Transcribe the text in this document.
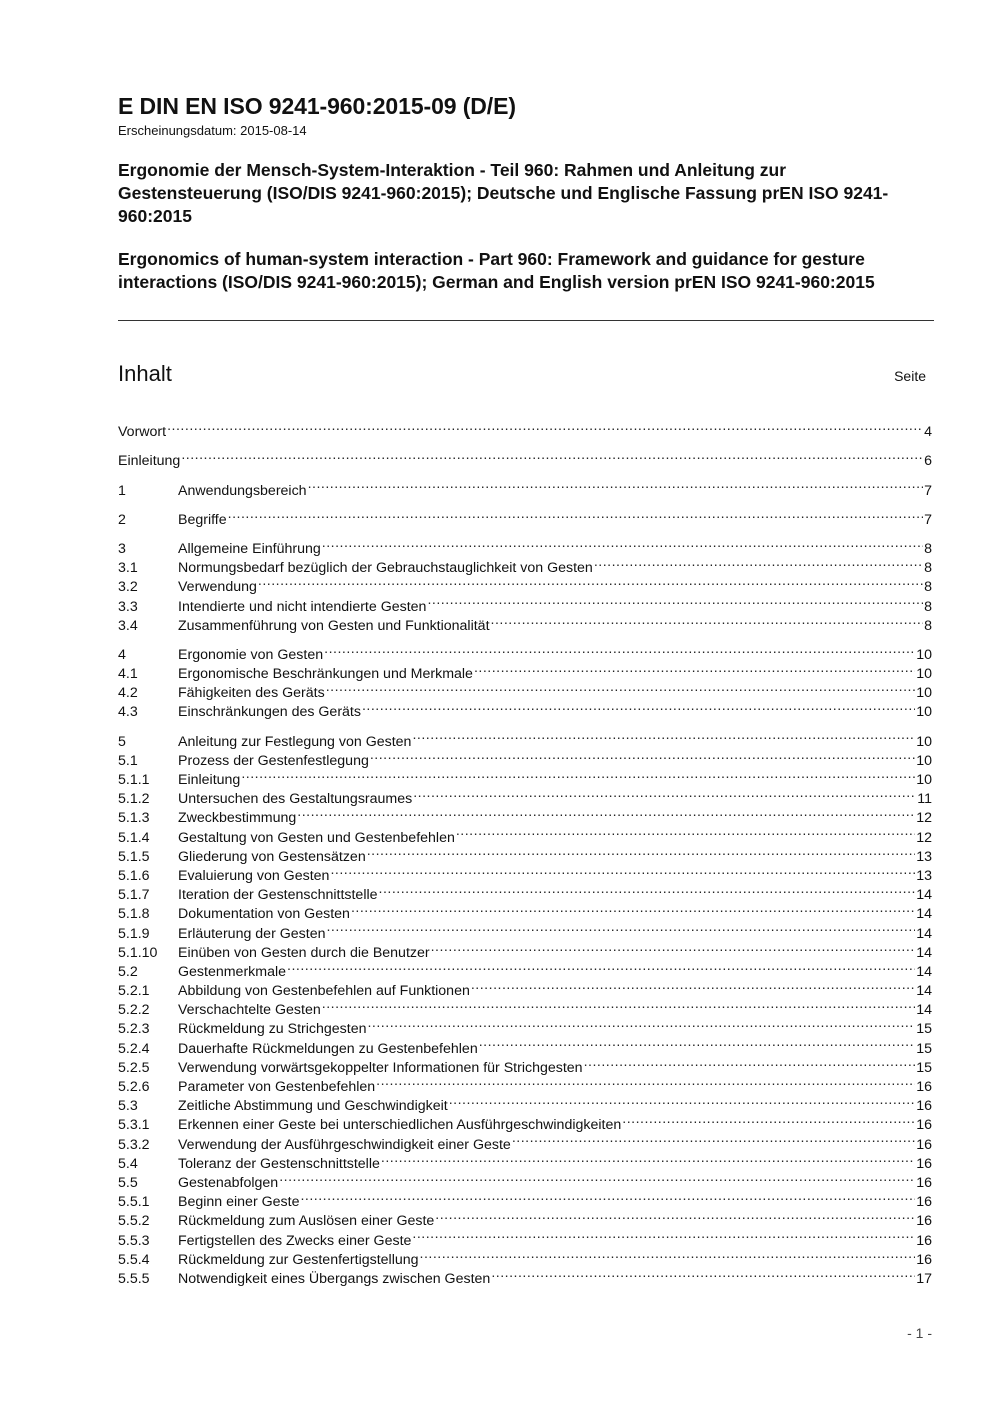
E DIN EN ISO 9241-960:2015-09 (D/E)

Erscheinungsdatum: 2015-08-14

Ergonomie der Mensch-System-Interaktion - Teil 960: Rahmen und Anleitung zur Gestensteuerung (ISO/DIS 9241-960:2015); Deutsche und Englische Fassung prEN ISO 9241-960:2015

Ergonomics of human-system interaction - Part 960: Framework and guidance for gesture interactions (ISO/DIS 9241-960:2015); German and English version prEN ISO 9241-960:2015

Inhalt	Seite
Vorwort .....	4
Einleitung .....	6
1	Anwendungsbereich .....	7
2	Begriffe .....	7
3	Allgemeine Einführung .....	8
3.1	Normungsbedarf bezüglich der Gebrauchstauglichkeit von Gesten .....	8
3.2	Verwendung .....	8
3.3	Intendierte und nicht intendierte Gesten .....	8
3.4	Zusammenführung von Gesten und Funktionalität .....	8
4	Ergonomie von Gesten .....	10
4.1	Ergonomische Beschränkungen und Merkmale .....	10
4.2	Fähigkeiten des Geräts .....	10
4.3	Einschränkungen des Geräts .....	10
5	Anleitung zur Festlegung von Gesten .....	10
5.1	Prozess der Gestenfestlegung .....	10
5.1.1	Einleitung .....	10
5.1.2	Untersuchen des Gestaltungsraumes .....	11
5.1.3	Zweckbestimmung .....	12
5.1.4	Gestaltung von Gesten und Gestenbefehlen .....	12
5.1.5	Gliederung von Gestensätzen .....	13
5.1.6	Evaluierung von Gesten .....	13
5.1.7	Iteration der Gestenschnittstelle .....	14
5.1.8	Dokumentation von Gesten .....	14
5.1.9	Erläuterung der Gesten .....	14
5.1.10	Einüben von Gesten durch die Benutzer .....	14
5.2	Gestenmerkmale .....	14
5.2.1	Abbildung von Gestenbefehlen auf Funktionen .....	14
5.2.2	Verschachtelte Gesten .....	14
5.2.3	Rückmeldung zu Strichgesten .....	15
5.2.4	Dauerhafte Rückmeldungen zu Gestenbefehlen .....	15
5.2.5	Verwendung vorwärtsgekoppelter Informationen für Strichgesten .....	15
5.2.6	Parameter von Gestenbefehlen .....	16
5.3	Zeitliche Abstimmung und Geschwindigkeit .....	16
5.3.1	Erkennen einer Geste bei unterschiedlichen Ausführgeschwindigkeiten .....	16
5.3.2	Verwendung der Ausführgeschwindigkeit einer Geste .....	16
5.4	Toleranz der Gestenschnittstelle .....	16
5.5	Gestenabfolgen .....	16
5.5.1	Beginn einer Geste .....	16
5.5.2	Rückmeldung zum Auslösen einer Geste .....	16
5.5.3	Fertigstellen des Zwecks einer Geste .....	16
5.5.4	Rückmeldung zur Gestenfertigstellung .....	16
5.5.5	Notwendigkeit eines Übergangs zwischen Gesten .....	17
- 1 -
